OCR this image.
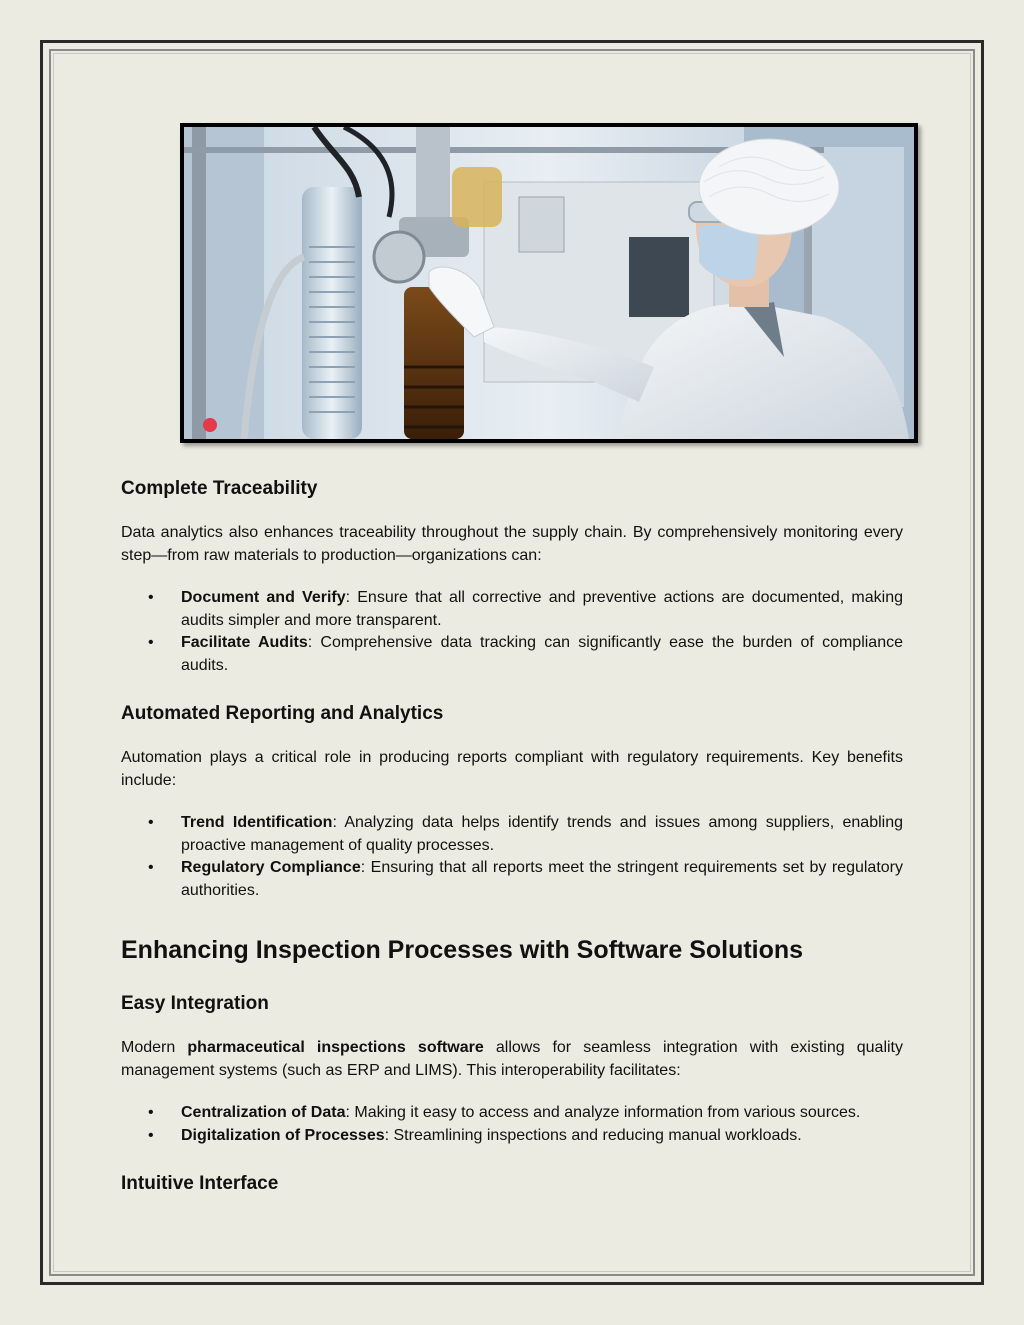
Complete Traceability

Data analytics also enhances traceability throughout the supply chain. By comprehensively monitoring every step—from raw materials to production—organizations can:

• Document and Verify: Ensure that all corrective and preventive actions are documented, making audits simpler and more transparent.
• Facilitate Audits: Comprehensive data tracking can significantly ease the burden of compliance audits.
Automated Reporting and Analytics

Automation plays a critical role in producing reports compliant with regulatory requirements. Key benefits include:

• Trend Identification: Analyzing data helps identify trends and issues among suppliers, enabling proactive management of quality processes.
• Regulatory Compliance: Ensuring that all reports meet the stringent requirements set by regulatory authorities.
Enhancing Inspection Processes with Software Solutions
Easy Integration

Modern pharmaceutical inspections software allows for seamless integration with existing quality management systems (such as ERP and LIMS). This interoperability facilitates:

• Centralization of Data: Making it easy to access and analyze information from various sources.
• Digitalization of Processes: Streamlining inspections and reducing manual workloads.
Intuitive Interface
